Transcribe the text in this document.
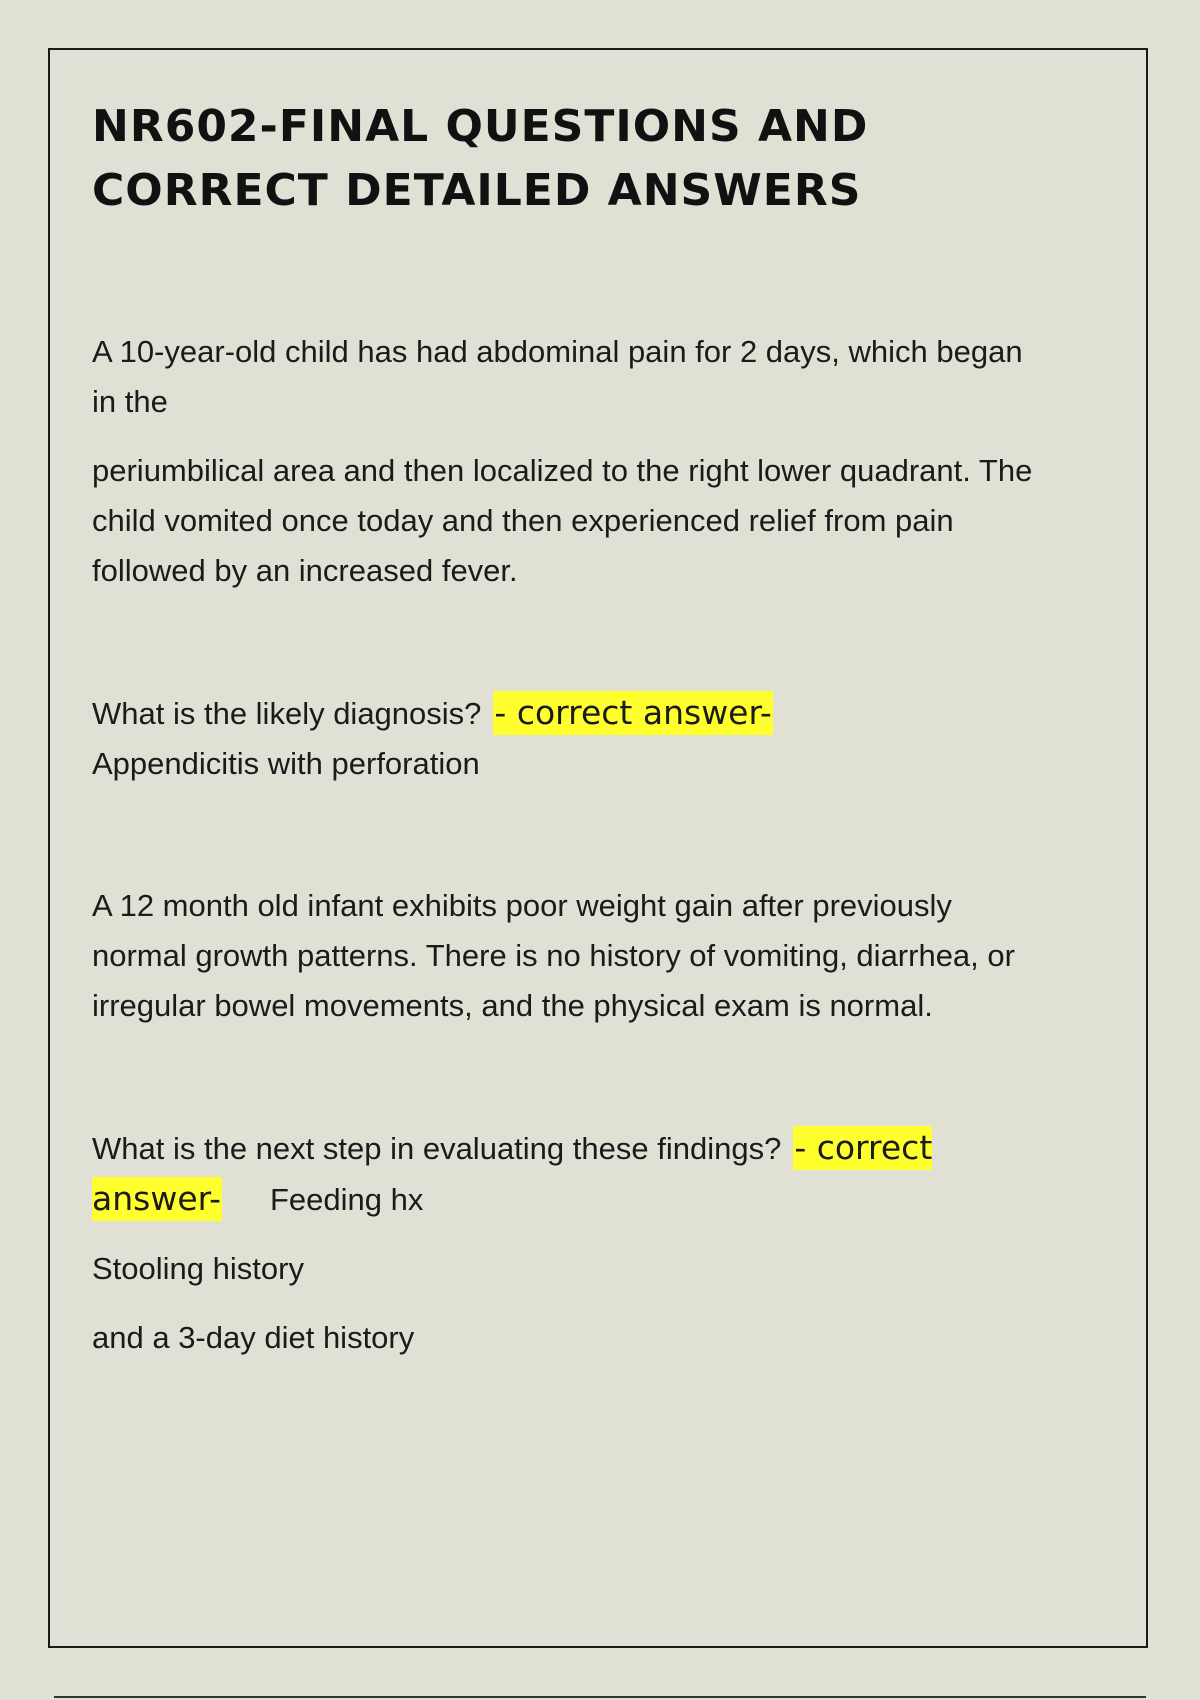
NR602-FINAL QUESTIONS AND CORRECT DETAILED ANSWERS

A 10-year-old child has had abdominal pain for 2 days, which began in the

periumbilical area and then localized to the right lower quadrant. The child vomited once today and then experienced relief from pain followed by an increased fever.

What is the likely diagnosis? - correct answer-
Appendicitis with perforation

A 12 month old infant exhibits poor weight gain after previously normal growth patterns. There is no history of vomiting, diarrhea, or irregular bowel movements, and the physical exam is normal.

What is the next step in evaluating these findings? - correct answer- Feeding hx

Stooling history

and a 3-day diet history
